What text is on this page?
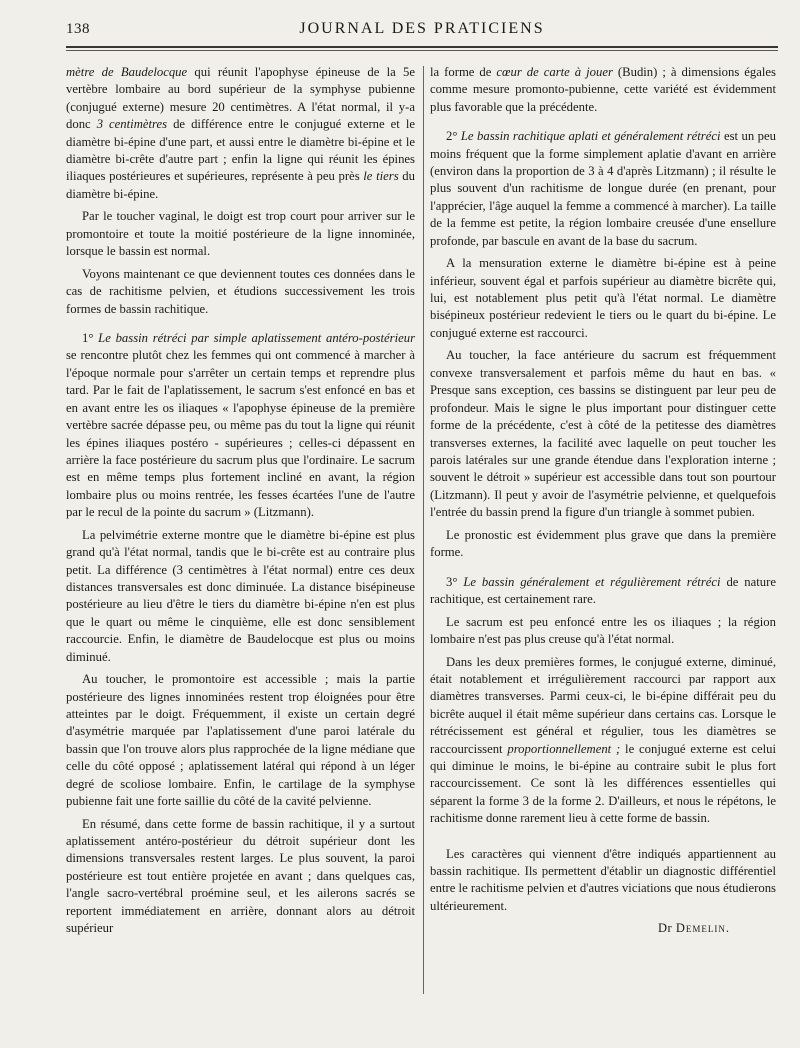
138	JOURNAL DES PRATICIENS

mètre de Baudelocque qui réunit l'apophyse épineuse de la 5e vertèbre lombaire au bord supérieur de la symphyse pubienne (conjugué externe) mesure 20 centimètres. A l'état normal, il y-a donc 3 centimètres de différence entre le conjugué externe et le diamètre bi-épine d'une part, et aussi entre le diamètre bi-épine et le diamètre bi-crête d'autre part ; enfin la ligne qui réunit les épines iliaques postérieures et supérieures, représente à peu près le tiers du diamètre bi-épine.

Par le toucher vaginal, le doigt est trop court pour arriver sur le promontoire et toute la moitié postérieure de la ligne innominée, lorsque le bassin est normal.

Voyons maintenant ce que deviennent toutes ces données dans le cas de rachitisme pelvien, et étudions successivement les trois formes de bassin rachitique.

1° Le bassin rétréci par simple aplatissement antéro-postérieur se rencontre plutôt chez les femmes qui ont commencé à marcher à l'époque normale pour s'arrêter un certain temps et reprendre plus tard. Par le fait de l'aplatissement, le sacrum s'est enfoncé en bas et en avant entre les os iliaques « l'apophyse épineuse de la première vertèbre sacrée dépasse peu, ou même pas du tout la ligne qui réunit les épines iliaques postéro - supérieures ; celles-ci dépassent en arrière la face postérieure du sacrum plus que l'ordinaire. Le sacrum est en même temps plus fortement incliné en avant, la région lombaire plus ou moins rentrée, les fesses écartées l'une de l'autre par le recul de la pointe du sacrum » (Litzmann).

La pelvimétrie externe montre que le diamètre bi-épine est plus grand qu'à l'état normal, tandis que le bi-crête est au contraire plus petit. La différence (3 centimètres à l'état normal) entre ces deux distances transversales est donc diminuée. La distance bisépineuse postérieure au lieu d'être le tiers du diamètre bi-épine n'en est plus que le quart ou même le cinquième, elle est donc sensiblement raccourcie. Enfin, le diamètre de Baudelocque est plus ou moins diminué.

Au toucher, le promontoire est accessible ; mais la partie postérieure des lignes innominées restent trop éloignées pour être atteintes par le doigt. Fréquemment, il existe un certain degré d'asymétrie marquée par l'aplatissement d'une paroi latérale du bassin que l'on trouve alors plus rapprochée de la ligne médiane que celle du côté opposé ; aplatissement latéral qui répond à un léger degré de scoliose lombaire. Enfin, le cartilage de la symphyse pubienne fait une forte saillie du côté de la cavité pelvienne.

En résumé, dans cette forme de bassin rachitique, il y a surtout aplatissement antéro-postérieur du détroit supérieur dont les dimensions transversales restent larges. Le plus souvent, la paroi postérieure est tout entière projetée en avant ; dans quelques cas, l'angle sacro-vertébral proémine seul, et les ailerons sacrés se reportent immédiatement en arrière, donnant alors au détroit supérieur

la forme de cœur de carte à jouer (Budin) ; à dimensions égales comme mesure promonto-pubienne, cette variété est évidemment plus favorable que la précédente.

2° Le bassin rachitique aplati et généralement rétréci est un peu moins fréquent que la forme simplement aplatie d'avant en arrière (environ dans la proportion de 3 à 4 d'après Litzmann) ; il résulte le plus souvent d'un rachitisme de longue durée (en prenant, pour l'apprécier, l'âge auquel la femme a commencé à marcher). La taille de la femme est petite, la région lombaire creusée d'une ensellure profonde, par bascule en avant de la base du sacrum.

A la mensuration externe le diamètre bi-épine est à peine inférieur, souvent égal et parfois supérieur au diamètre bicrête qui, lui, est notablement plus petit qu'à l'état normal. Le diamètre bisépineux postérieur redevient le tiers ou le quart du bi-épine. Le conjugué externe est raccourci.

Au toucher, la face antérieure du sacrum est fréquemment convexe transversalement et parfois même du haut en bas. « Presque sans exception, ces bassins se distinguent par leur peu de profondeur. Mais le signe le plus important pour distinguer cette forme de la précédente, c'est à côté de la petitesse des diamètres transverses externes, la facilité avec laquelle on peut toucher les parois latérales sur une grande étendue dans l'exploration interne ; souvent le détroit » supérieur est accessible dans tout son pourtour (Litzmann). Il peut y avoir de l'asymétrie pelvienne, et quelquefois l'entrée du bassin prend la figure d'un triangle à sommet pubien.

Le pronostic est évidemment plus grave que dans la première forme.

3° Le bassin généralement et régulièrement rétréci de nature rachitique, est certainement rare.

Le sacrum est peu enfoncé entre les os iliaques ; la région lombaire n'est pas plus creuse qu'à l'état normal.

Dans les deux premières formes, le conjugué externe, diminué, était notablement et irrégulièrement raccourci par rapport aux diamètres transverses. Parmi ceux-ci, le bi-épine différait peu du bicrête auquel il était même supérieur dans certains cas. Lorsque le rétrécissement est général et régulier, tous les diamètres se raccourcissent proportionnellement ; le conjugué externe est celui qui diminue le moins, le bi-épine au contraire subit le plus fort raccourcissement. Ce sont là les différences essentielles qui séparent la forme 3 de la forme 2. D'ailleurs, et nous le répétons, le rachitisme donne rarement lieu à cette forme de bassin.

Les caractères qui viennent d'être indiqués appartiennent au bassin rachitique. Ils permettent d'établir un diagnostic différentiel entre le rachitisme pelvien et d'autres viciations que nous étudierons ultérieurement.

Dr Demelin.
